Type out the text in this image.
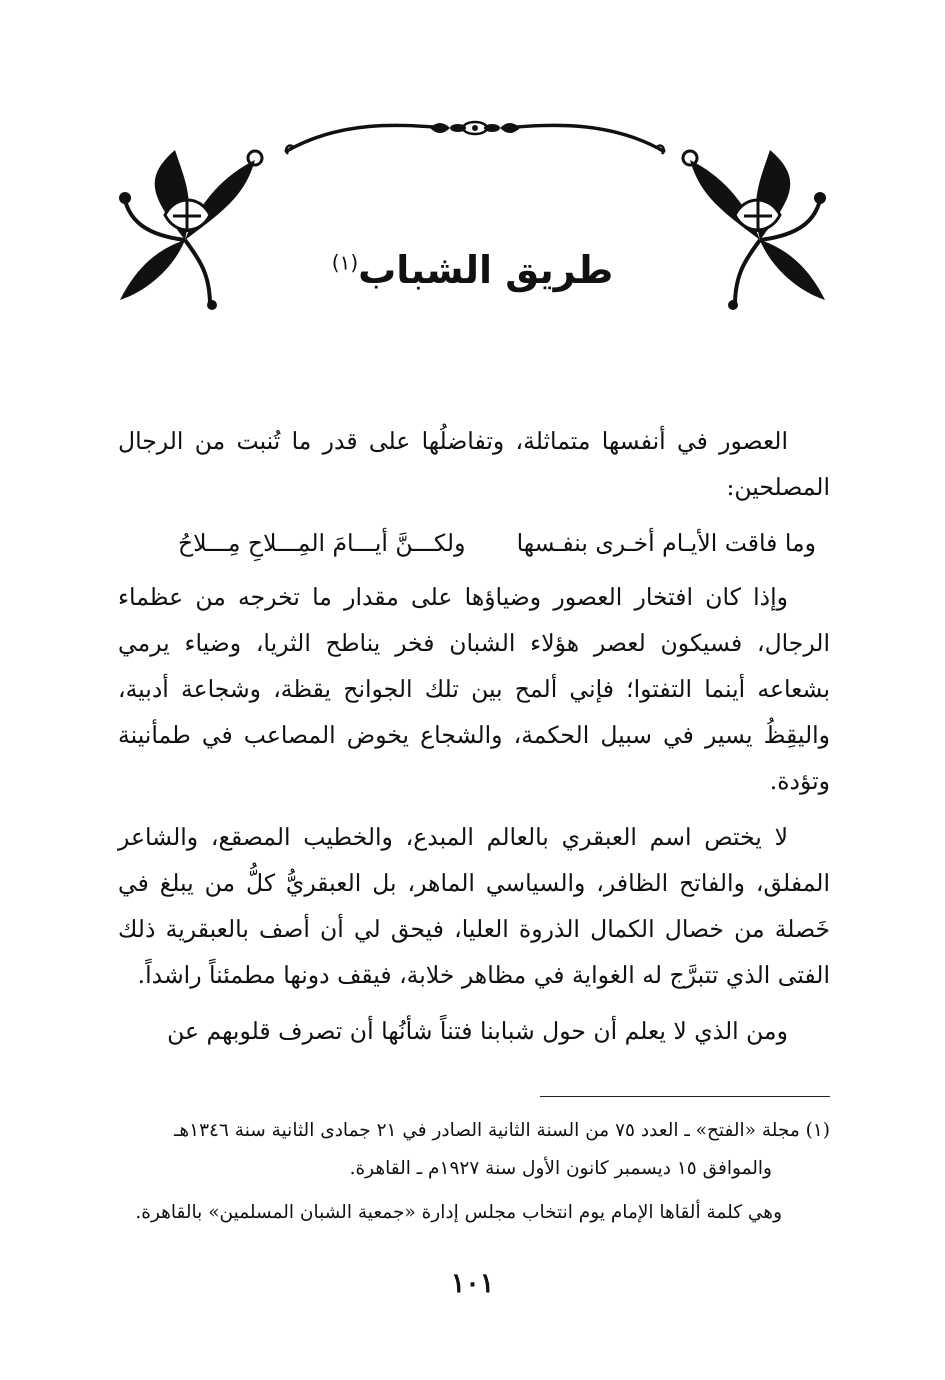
طريق الشباب$^{(١)}$

العصور في أنفسها متماثلة، وتفاضلُها على قدر ما تُنبت من الرجال المصلحين:

وما فاقت الأيـام أخـرى بنفـسها
ولكـــنَّ أيـــامَ المِـــلاحِ مِـــلاحُ

وإذا كان افتخار العصور وضياؤها على مقدار ما تخرجه من عظماء الرجال، فسيكون لعصر هؤلاء الشبان فخر يناطح الثريا، وضياء يرمي بشعاعه أينما التفتوا؛ فإني ألمح بين تلك الجوانح يقظة، وشجاعة أدبية، واليقِظُ يسير في سبيل الحكمة، والشجاع يخوض المصاعب في طمأنينة وتؤدة.

لا يختص اسم العبقري بالعالم المبدع، والخطيب المصقع، والشاعر المفلق، والفاتح الظافر، والسياسي الماهر، بل العبقريُّ كلُّ من يبلغ في خَصلة من خصال الكمال الذروة العليا، فيحق لي أن أصف بالعبقرية ذلك الفتى الذي تتبرَّج له الغواية في مظاهر خلابة، فيقف دونها مطمئناً راشداً.

ومن الذي لا يعلم أن حول شبابنا فتناً شأنُها أن تصرف قلوبهم عن

(١) مجلة «الفتح» ـ العدد ٧٥ من السنة الثانية الصادر في ٢١ جمادى الثانية سنة ١٣٤٦هـ

والموافق ١٥ ديسمبر كانون الأول سنة ١٩٢٧م ـ القاهرة.

وهي كلمة ألقاها الإمام يوم انتخاب مجلس إدارة «جمعية الشبان المسلمين» بالقاهرة.

١٠١
